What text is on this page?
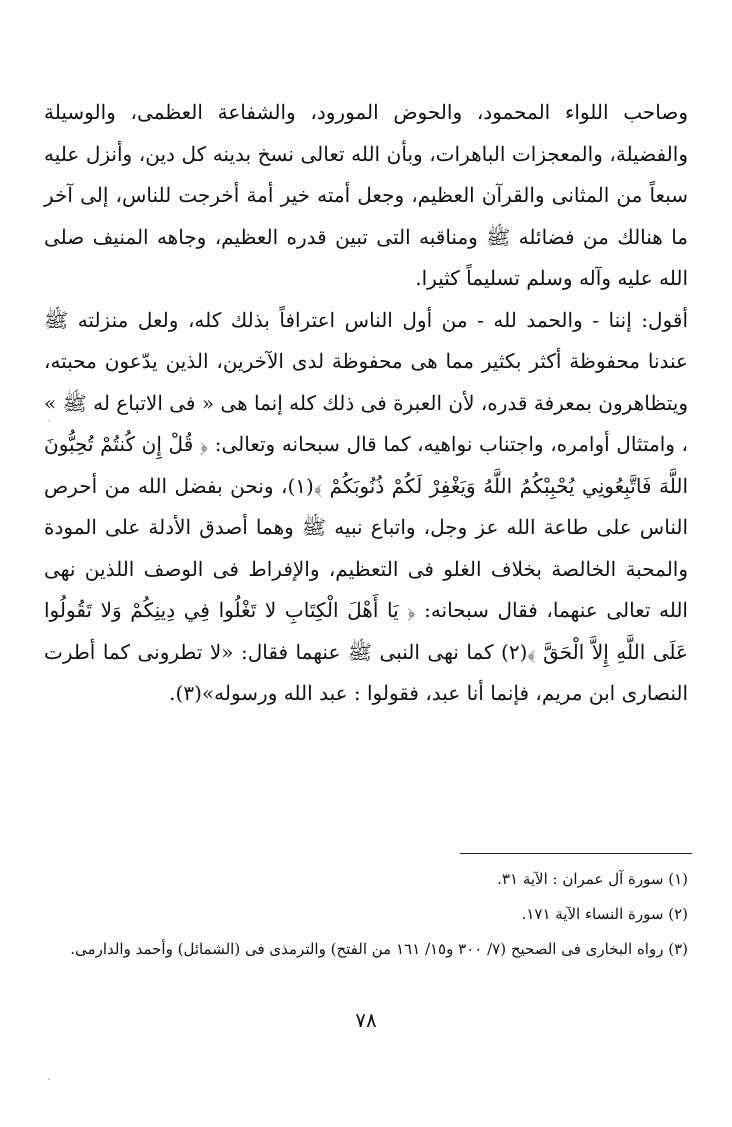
وصاحب اللواء المحمود، والحوض المورود، والشفاعة العظمى، والوسيلة والفضيلة، والمعجزات الباهرات، وبأن الله تعالى نسخ بدينه كل دين، وأنزل عليه سبعاً من المثانى والقرآن العظيم، وجعل أمته خير أمة أخرجت للناس، إلى آخر ما هنالك من فضائله ﷺ ومناقبه التى تبين قدره العظيم، وجاهه المنيف صلى الله عليه وآله وسلم تسليماً كثيرا.

أقول: إننا - والحمد لله - من أول الناس اعترافاً بذلك كله، ولعل منزلته ﷺ عندنا محفوظة أكثر بكثير مما هى محفوظة لدى الآخرين، الذين يدّعون محبته، ويتظاهرون بمعرفة قدره، لأن العبرة فى ذلك كله إنما هى « فى الاتباع له ﷺ » ، وامتثال أوامره، واجتناب نواهيه، كما قال سبحانه وتعالى: ﴿ قُلْ إِن كُنتُمْ تُحِبُّونَ اللَّهَ فَاتَّبِعُونِي يُحْبِبْكُمُ اللَّهُ وَيَغْفِرْ لَكُمْ ذُنُوبَكُمْ ﴾(١)، ونحن بفضل الله من أحرص الناس على طاعة الله عز وجل، واتباع نبيه ﷺ وهما أصدق الأدلة على المودة والمحبة الخالصة بخلاف الغلو فى التعظيم، والإفراط فى الوصف اللذين نهى الله تعالى عنهما، فقال سبحانه: ﴿ يَا أَهْلَ الْكِتَابِ لا تَغْلُوا فِي دِينِكُمْ وَلا تَقُولُوا عَلَى اللَّهِ إِلاَّ الْحَقَّ ﴾(٢) كما نهى النبى ﷺ عنهما فقال: «لا تطرونى كما أطرت النصارى ابن مريم، فإنما أنا عبد، فقولوا : عبد الله ورسوله»(٣).

(١) سورة آل عمران : الآية ٣١.

(٢) سورة النساء الآية ١٧١.

(٣) رواه البخارى فى الصحيح (٧/ ٣٠٠ و١٥/ ١٦١ من الفتح) والترمذى فى (الشمائل) وأحمد والدارمى.

٧٨
